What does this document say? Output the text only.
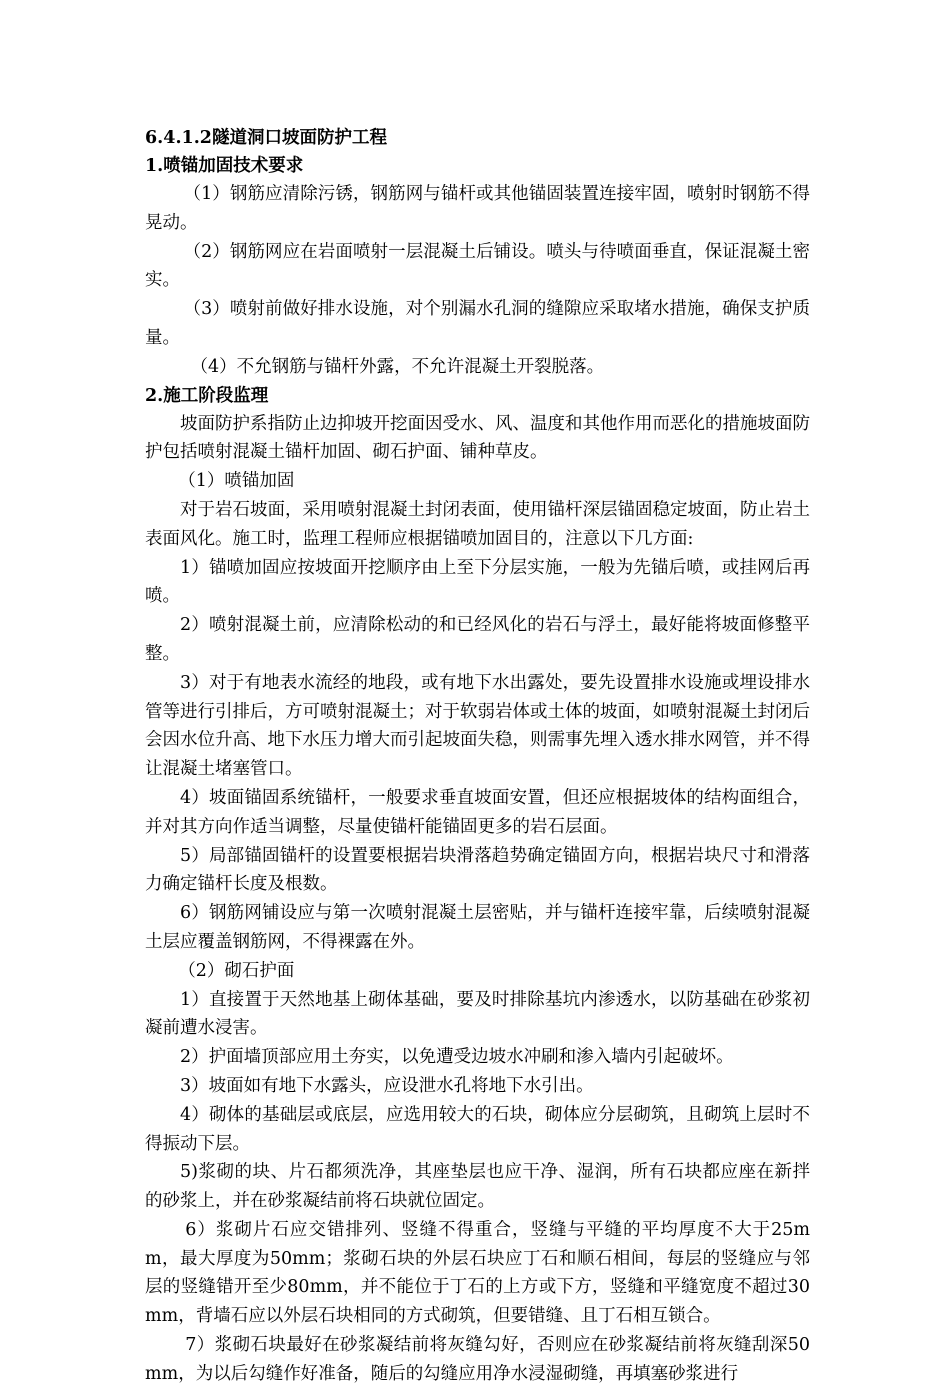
6.4.1.2隧道洞口坡面防护工程

1.喷锚加固技术要求

（1）钢筋应清除污锈，钢筋网与锚杆或其他锚固装置连接牢固，喷射时钢筋不得晃动。

（2）钢筋网应在岩面喷射一层混凝土后铺设。喷头与待喷面垂直，保证混凝土密实。

（3）喷射前做好排水设施，对个别漏水孔洞的缝隙应采取堵水措施，确保支护质量。

（4）不允钢筋与锚杆外露，不允许混凝土开裂脱落。

2.施工阶段监理

坡面防护系指防止边抑坡开挖面因受水、风、温度和其他作用而恶化的措施坡面防护包括喷射混凝土锚杆加固、砌石护面、铺种草皮。

（1）喷锚加固

对于岩石坡面，采用喷射混凝土封闭表面，使用锚杆深层锚固稳定坡面，防止岩土表面风化。施工时，监理工程师应根据锚喷加固目的，注意以下几方面:

1）锚喷加固应按坡面开挖顺序由上至下分层实施，一般为先锚后喷，或挂网后再喷。

2）喷射混凝土前，应清除松动的和已经风化的岩石与浮土，最好能将坡面修整平整。

3）对于有地表水流经的地段，或有地下水出露处，要先设置排水设施或埋设排水管等进行引排后，方可喷射混凝土；对于软弱岩体或土体的坡面，如喷射混凝土封闭后会因水位升高、地下水压力增大而引起坡面失稳，则需事先埋入透水排水网管，并不得让混凝土堵塞管口。

4）坡面锚固系统锚杆，一般要求垂直坡面安置，但还应根据坡体的结构面组合，并对其方向作适当调整，尽量使锚杆能锚固更多的岩石层面。

5）局部锚固锚杆的设置要根据岩块滑落趋势确定锚固方向，根据岩块尺寸和滑落力确定锚杆长度及根数。

6）钢筋网铺设应与第一次喷射混凝土层密贴，并与锚杆连接牢靠，后续喷射混凝土层应覆盖钢筋网，不得裸露在外。

（2）砌石护面

1）直接置于天然地基上砌体基础，要及时排除基坑内渗透水，以防基础在砂浆初凝前遭水浸害。

2）护面墙顶部应用土夯实，以免遭受边坡水冲刷和渗入墙内引起破坏。

3）坡面如有地下水露头，应设泄水孔将地下水引出。

4）砌体的基础层或底层，应选用较大的石块，砌体应分层砌筑，且砌筑上层时不得振动下层。

5)浆砌的块、片石都须洗净，其座垫层也应干净、湿润，所有石块都应座在新拌的砂浆上，并在砂浆凝结前将石块就位固定。

6）浆砌片石应交错排列、竖缝不得重合，竖缝与平缝的平均厚度不大于25mm，最大厚度为50mm；浆砌石块的外层石块应丁石和顺石相间，每层的竖缝应与邻层的竖缝错开至少80mm，并不能位于丁石的上方或下方，竖缝和平缝宽度不超过30mm，背墙石应以外层石块相同的方式砌筑，但要错缝、且丁石相互锁合。

7）浆砌石块最好在砂浆凝结前将灰缝勾好，否则应在砂浆凝结前将灰缝刮深50mm，为以后勾缝作好准备，随后的勾缝应用净水浸湿砌缝，再填塞砂浆进行
